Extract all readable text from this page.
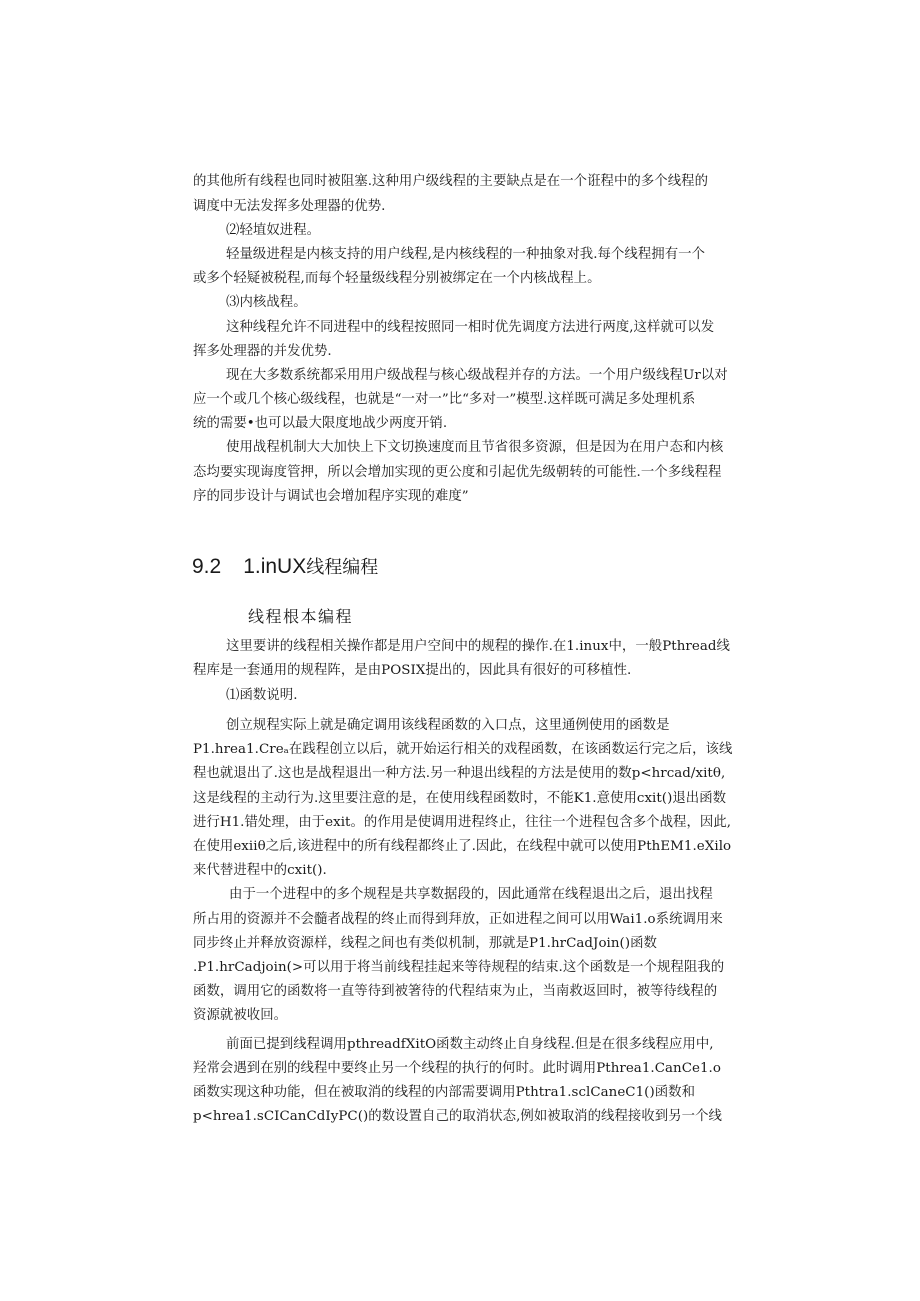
的其他所有线程也同时被阻塞.这种用户级线程的主要缺点是在一个诳程中的多个线程的
调度中无法发挥多处理器的优势.
⑵轻埴奴进程。
轻量级进程是内核支持的用户线程,是内核线程的一种抽象对我.每个线程拥有一个
或多个轻疑被税程,而每个轻量级线程分别被绑定在一个内核战程上。
⑶内核战程。
这种线程允许不同进程中的线程按照同一相时优先调度方法进行两度,这样就可以发
挥多处理器的并发优势.
现在大多数系统都采用用户级战程与核心级战程并存的方法。一个用户级线程Ur以对
应一个或几个核心级线程，也就是“一对一”比“多对一”模型.这样既可满足多处理机系
统的需要•也可以最大限度地战少两度开销.
使用战程机制大大加快上下文切换速度而且节省很多资源，但是因为在用户态和内核
态均要实现诲度管押，所以会增加实现的更公度和引起优先级朝转的可能性.一个多线程程
序的同步设计与调试也会增加程序实现的难度”
9.2 1.inUX线程编程
线程根本编程
这里要讲的线程相关操作都是用户空间中的规程的操作.在1.inux中，一般Pthread线
程库是一套通用的规程阵，是由POSIX提出的，因此具有很好的可移植性.
⑴函数说明.
创立规程实际上就是确定调用该线程函数的入口点，这里通例使用的函数是
P1.hrea1.Creₐ在践程创立以后，就开始运行相关的戏程函数，在该函数运行完之后，该线
程也就退出了.这也是战程退出一种方法.另一种退出线程的方法是使用的数p<hrcad∕xitθ,
这是线程的主动行为.这里要注意的是，在使用线程函数时，不能K1.意使用cxit()退出函数
进行H1.错处理，由于exit。的作用是使调用进程终止，往往一个进程包含多个战程，因此,
在使用exiiθ之后,该进程中的所有线程都终止了.因此，在线程中就可以使用PthEM1.eXilo
来代替进程中的cxit().
由于一个进程中的多个规程是共享数据段的，因此通常在线程退出之后，退出找程
所占用的资源并不会髓者战程的终止而得到拜放，正如进程之间可以用Wai1.o系统调用来
同步终止并释放资源样，线程之间也有类似机制，那就是P1.hrCadJoin()函数
.P1.hrCadjoin(>可以用于将当前线程挂起来等待规程的结束.这个函数是一个规程阻我的
函数，调用它的函数将一直等待到被箸待的代程结束为止，当南救返回时，被等待线程的
资源就被收回。
前面已提到线程调用pthreadfXitO函数主动终止自身线程.但是在很多线程应用中,
羟常会遇到在别的线程中要终止另一个线程的执行的何时。此时调用Pthrea1.CanCe1.o
函数实现这种功能，但在被取消的线程的内部需要调用Pthtra1.sclCaneC1()函数和
p<hrea1.sCICanCdIyPC()的数设置自己的取消状态,例如被取消的线程接收到另一个线
